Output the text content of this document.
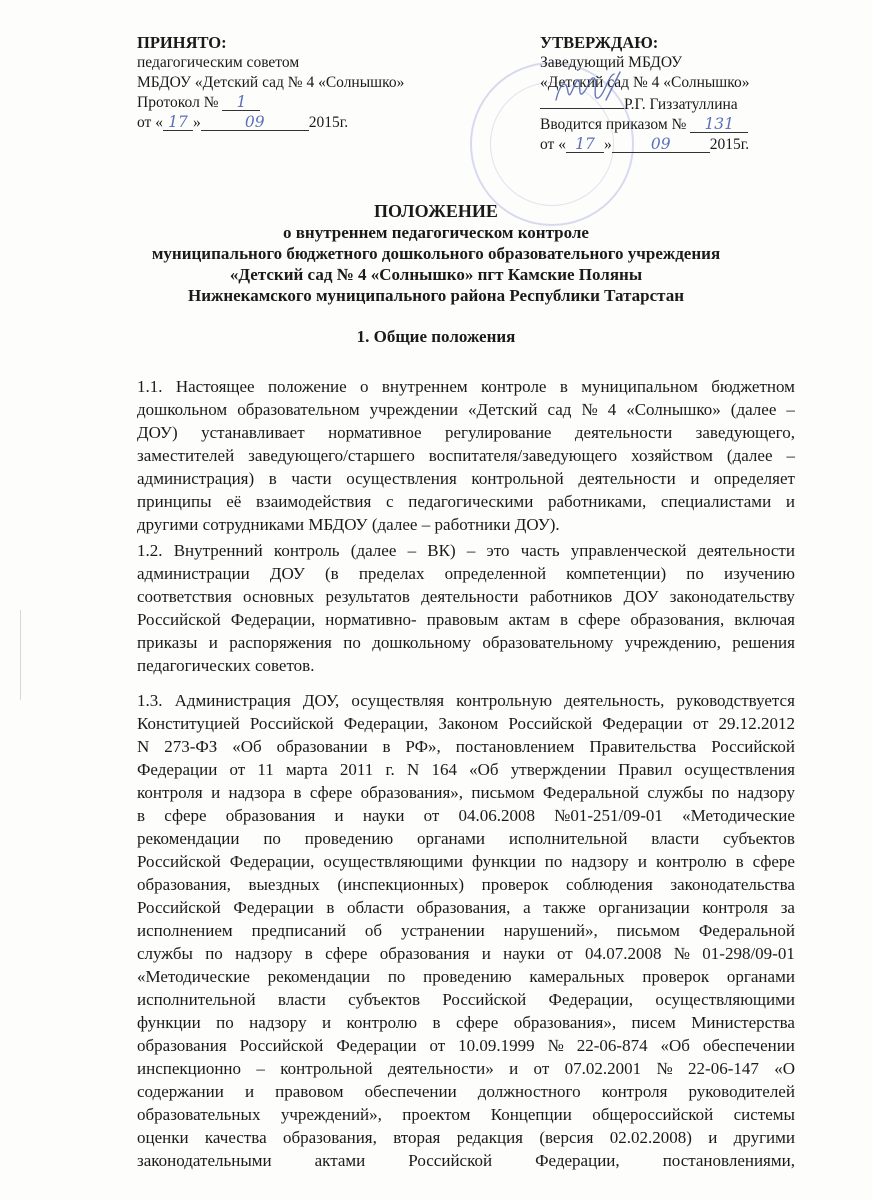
ПРИНЯТО:
педагогическим советом
МБДОУ «Детский сад № 4 «Солнышко»
Протокол № 1
от « 17 »	09	2015г.
УТВЕРЖДАЮ:
Заведующий МБДОУ
«Детский сад № 4 «Солнышко»
Р.Г. Гиззатуллина
Вводится приказом № 131
от « 17 »	09	2015г.
ПОЛОЖЕНИЕ
о внутреннем педагогическом контроле
муниципального бюджетного дошкольного образовательного учреждения
«Детский сад № 4 «Солнышко» пгт Камские Поляны
Нижнекамского муниципального района Республики Татарстан
1. Общие положения
1.1. Настоящее положение о внутреннем контроле в муниципальном бюджетном
дошкольном образовательном учреждении «Детский сад № 4 «Солнышко» (далее –
ДОУ) устанавливает нормативное регулирование деятельности заведующего,
заместителей заведующего/старшего воспитателя/заведующего хозяйством (далее –
администрация) в части осуществления контрольной деятельности и определяет
принципы её взаимодействия с педагогическими работниками, специалистами и
другими сотрудниками МБДОУ (далее – работники ДОУ).
1.2. Внутренний контроль (далее – ВК) – это часть управленческой деятельности
администрации ДОУ (в пределах определенной компетенции) по изучению
соответствия основных результатов деятельности работников ДОУ законодательству
Российской Федерации, нормативно- правовым актам в сфере образования, включая
приказы и распоряжения по дошкольному образовательному учреждению, решения
педагогических советов.
1.3. Администрация ДОУ, осуществляя контрольную деятельность, руководствуется
Конституцией Российской Федерации, Законом Российской Федерации от 29.12.2012
N 273-ФЗ «Об образовании в РФ», постановлением Правительства Российской
Федерации от 11 марта 2011 г. N 164 «Об утверждении Правил осуществления
контроля и надзора в сфере образования», письмом Федеральной службы по надзору
в сфере образования и науки от 04.06.2008 №01-251/09-01 «Методические
рекомендации по проведению органами исполнительной власти субъектов
Российской Федерации, осуществляющими функции по надзору и контролю в сфере
образования, выездных (инспекционных) проверок соблюдения законодательства
Российской Федерации в области образования, а также организации контроля за
исполнением предписаний об устранении нарушений», письмом Федеральной
службы по надзору в сфере образования и науки от 04.07.2008 № 01-298/09-01
«Методические рекомендации по проведению камеральных проверок органами
исполнительной власти субъектов Российской Федерации, осуществляющими
функции по надзору и контролю в сфере образования», писем Министерства
образования Российской Федерации от 10.09.1999 № 22-06-874 «Об обеспечении
инспекционно – контрольной деятельности» и от 07.02.2001 № 22-06-147 «О
содержании и правовом обеспечении должностного контроля руководителей
образовательных учреждений», проектом Концепции общероссийской системы
оценки качества образования, вторая редакция (версия 02.02.2008) и другими
законодательными	актами	Российской	Федерации,	постановлениями,
